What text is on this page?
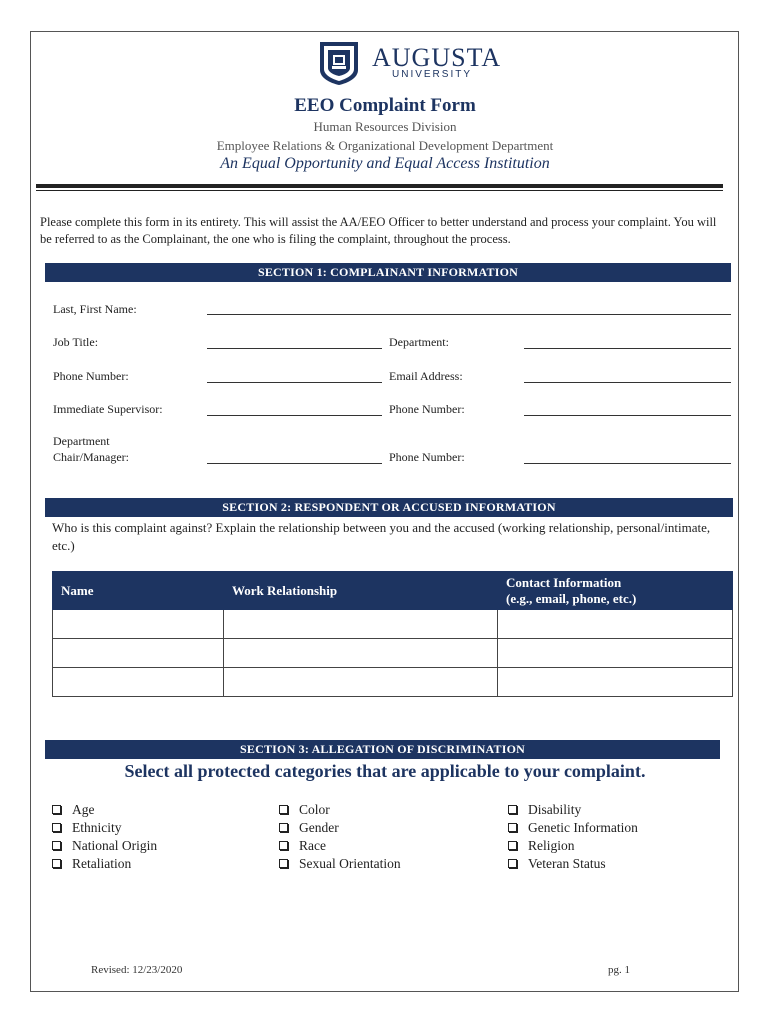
AUGUSTA
UNIVERSITY
EEO Complaint Form
Human Resources Division
Employee Relations & Organizational Development Department
An Equal Opportunity and Equal Access Institution
Please complete this form in its entirety. This will assist the AA/EEO Officer to better understand and process your complaint. You will be referred to as the Complainant, the one who is filing the complaint, throughout the process.
SECTION 1: COMPLAINANT INFORMATION
Last, First Name:
Job Title:	Department:
Phone Number:	Email Address:
Immediate Supervisor:	Phone Number:
Department
Chair/Manager:	Phone Number:
SECTION 2: RESPONDENT OR ACCUSED INFORMATION
Who is this complaint against? Explain the relationship between you and the accused (working relationship, personal/intimate, etc.)
Name	Work Relationship	Contact Information
(e.g., email, phone, etc.)

SECTION 3: ALLEGATION OF DISCRIMINATION
Select all protected categories that are applicable to your complaint.
Age
Ethnicity
National Origin
Retaliation
Color
Gender
Race
Sexual Orientation
Disability
Genetic Information
Religion
Veteran Status
Revised: 12/23/2020	pg. 1
